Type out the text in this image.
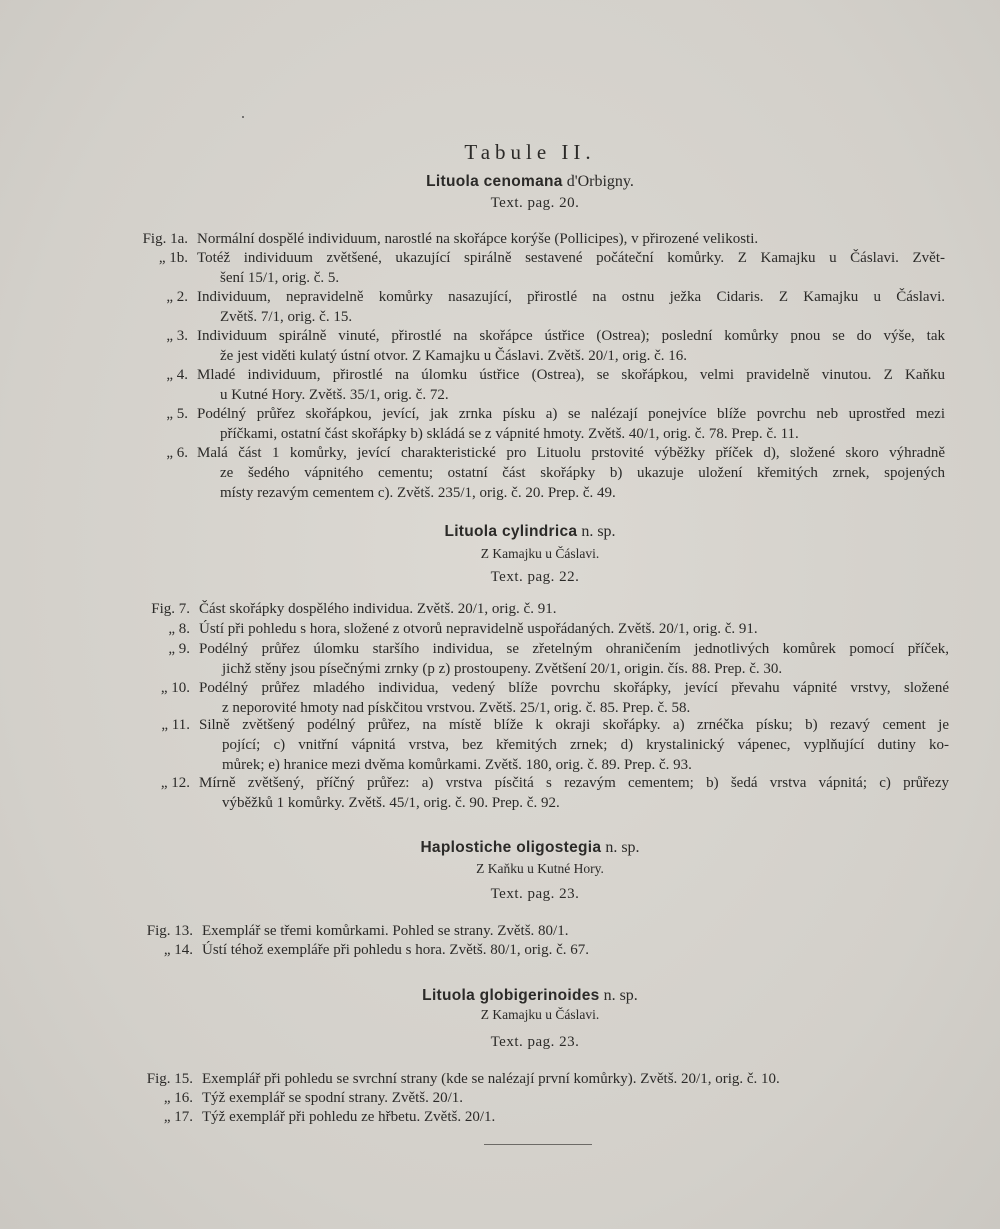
Tabule II.
Lituola cenomana d'Orbigny.
Text. pag. 20.
Fig. 1a. Normální dospělé individuum, narostlé na skořápce korýše (Pollicipes), v přirozené velikosti.
„ 1b. Totéž individuum zvětšené, ukazující spirálně sestavené počáteční komůrky. Z Kamajku u Čáslavi. Zvět-
šení 15/1, orig. č. 5.
„ 2. Individuum, nepravidelně komůrky nasazující, přirostlé na ostnu ježka Cidaris. Z Kamajku u Čáslavi.
Zvětš. 7/1, orig. č. 15.
„ 3. Individuum spirálně vinuté, přirostlé na skořápce ústřice (Ostrea); poslední komůrky pnou se do výše, tak
že jest viděti kulatý ústní otvor. Z Kamajku u Čáslavi. Zvětš. 20/1, orig. č. 16.
„ 4. Mladé individuum, přirostlé na úlomku ústřice (Ostrea), se skořápkou, velmi pravidelně vinutou. Z Kaňku
u Kutné Hory. Zvětš. 35/1, orig. č. 72.
„ 5. Podélný průřez skořápkou, jevící, jak zrnka písku a) se nalézají ponejvíce blíže povrchu neb uprostřed mezi
příčkami, ostatní část skořápky b) skládá se z vápnité hmoty. Zvětš. 40/1, orig. č. 78. Prep. č. 11.
„ 6. Malá část 1 komůrky, jevící charakteristické pro Lituolu prstovité výběžky příček d), složené skoro výhradně
ze šedého vápnitého cementu; ostatní část skořápky b) ukazuje uložení křemitých zrnek, spojených
místy rezavým cementem c). Zvětš. 235/1, orig. č. 20. Prep. č. 49.
Lituola cylindrica n. sp.
Z Kamajku u Čáslavi.
Text. pag. 22.
Fig. 7. Část skořápky dospělého individua. Zvětš. 20/1, orig. č. 91.
„ 8. Ústí při pohledu s hora, složené z otvorů nepravidelně uspořádaných. Zvětš. 20/1, orig. č. 91.
„ 9. Podélný průřez úlomku staršího individua, se zřetelným ohraničením jednotlivých komůrek pomocí příček,
jichž stěny jsou písečnými zrnky (p z) prostoupeny. Zvětšení 20/1, origin. čís. 88. Prep. č. 30.
„ 10. Podélný průřez mladého individua, vedený blíže povrchu skořápky, jevící převahu vápnité vrstvy, složené
z neporovité hmoty nad pískčitou vrstvou. Zvětš. 25/1, orig. č. 85. Prep. č. 58.
„ 11. Silně zvětšený podélný průřez, na místě blíže k okraji skořápky. a) zrnéčka písku; b) rezavý cement je
pojící; c) vnitřní vápnitá vrstva, bez křemitých zrnek; d) krystalinický vápenec, vyplňující dutiny ko-
můrek; e) hranice mezi dvěma komůrkami. Zvětš. 180, orig. č. 89. Prep. č. 93.
„ 12. Mírně zvětšený, příčný průřez: a) vrstva písčitá s rezavým cementem; b) šedá vrstva vápnitá; c) průřezy
výběžků 1 komůrky. Zvětš. 45/1, orig. č. 90. Prep. č. 92.
Haplostiche oligostegia n. sp.
Z Kaňku u Kutné Hory.
Text. pag. 23.
Fig. 13. Exemplář se třemi komůrkami. Pohled se strany. Zvětš. 80/1.
„ 14. Ústí téhož exempláře při pohledu s hora. Zvětš. 80/1, orig. č. 67.
Lituola globigerinoides n. sp.
Z Kamajku u Čáslavi.
Text. pag. 23.
Fig. 15. Exemplář při pohledu se svrchní strany (kde se nalézají první komůrky). Zvětš. 20/1, orig. č. 10.
„ 16. Týž exemplář se spodní strany. Zvětš. 20/1.
„ 17. Týž exemplář při pohledu ze hřbetu. Zvětš. 20/1.
